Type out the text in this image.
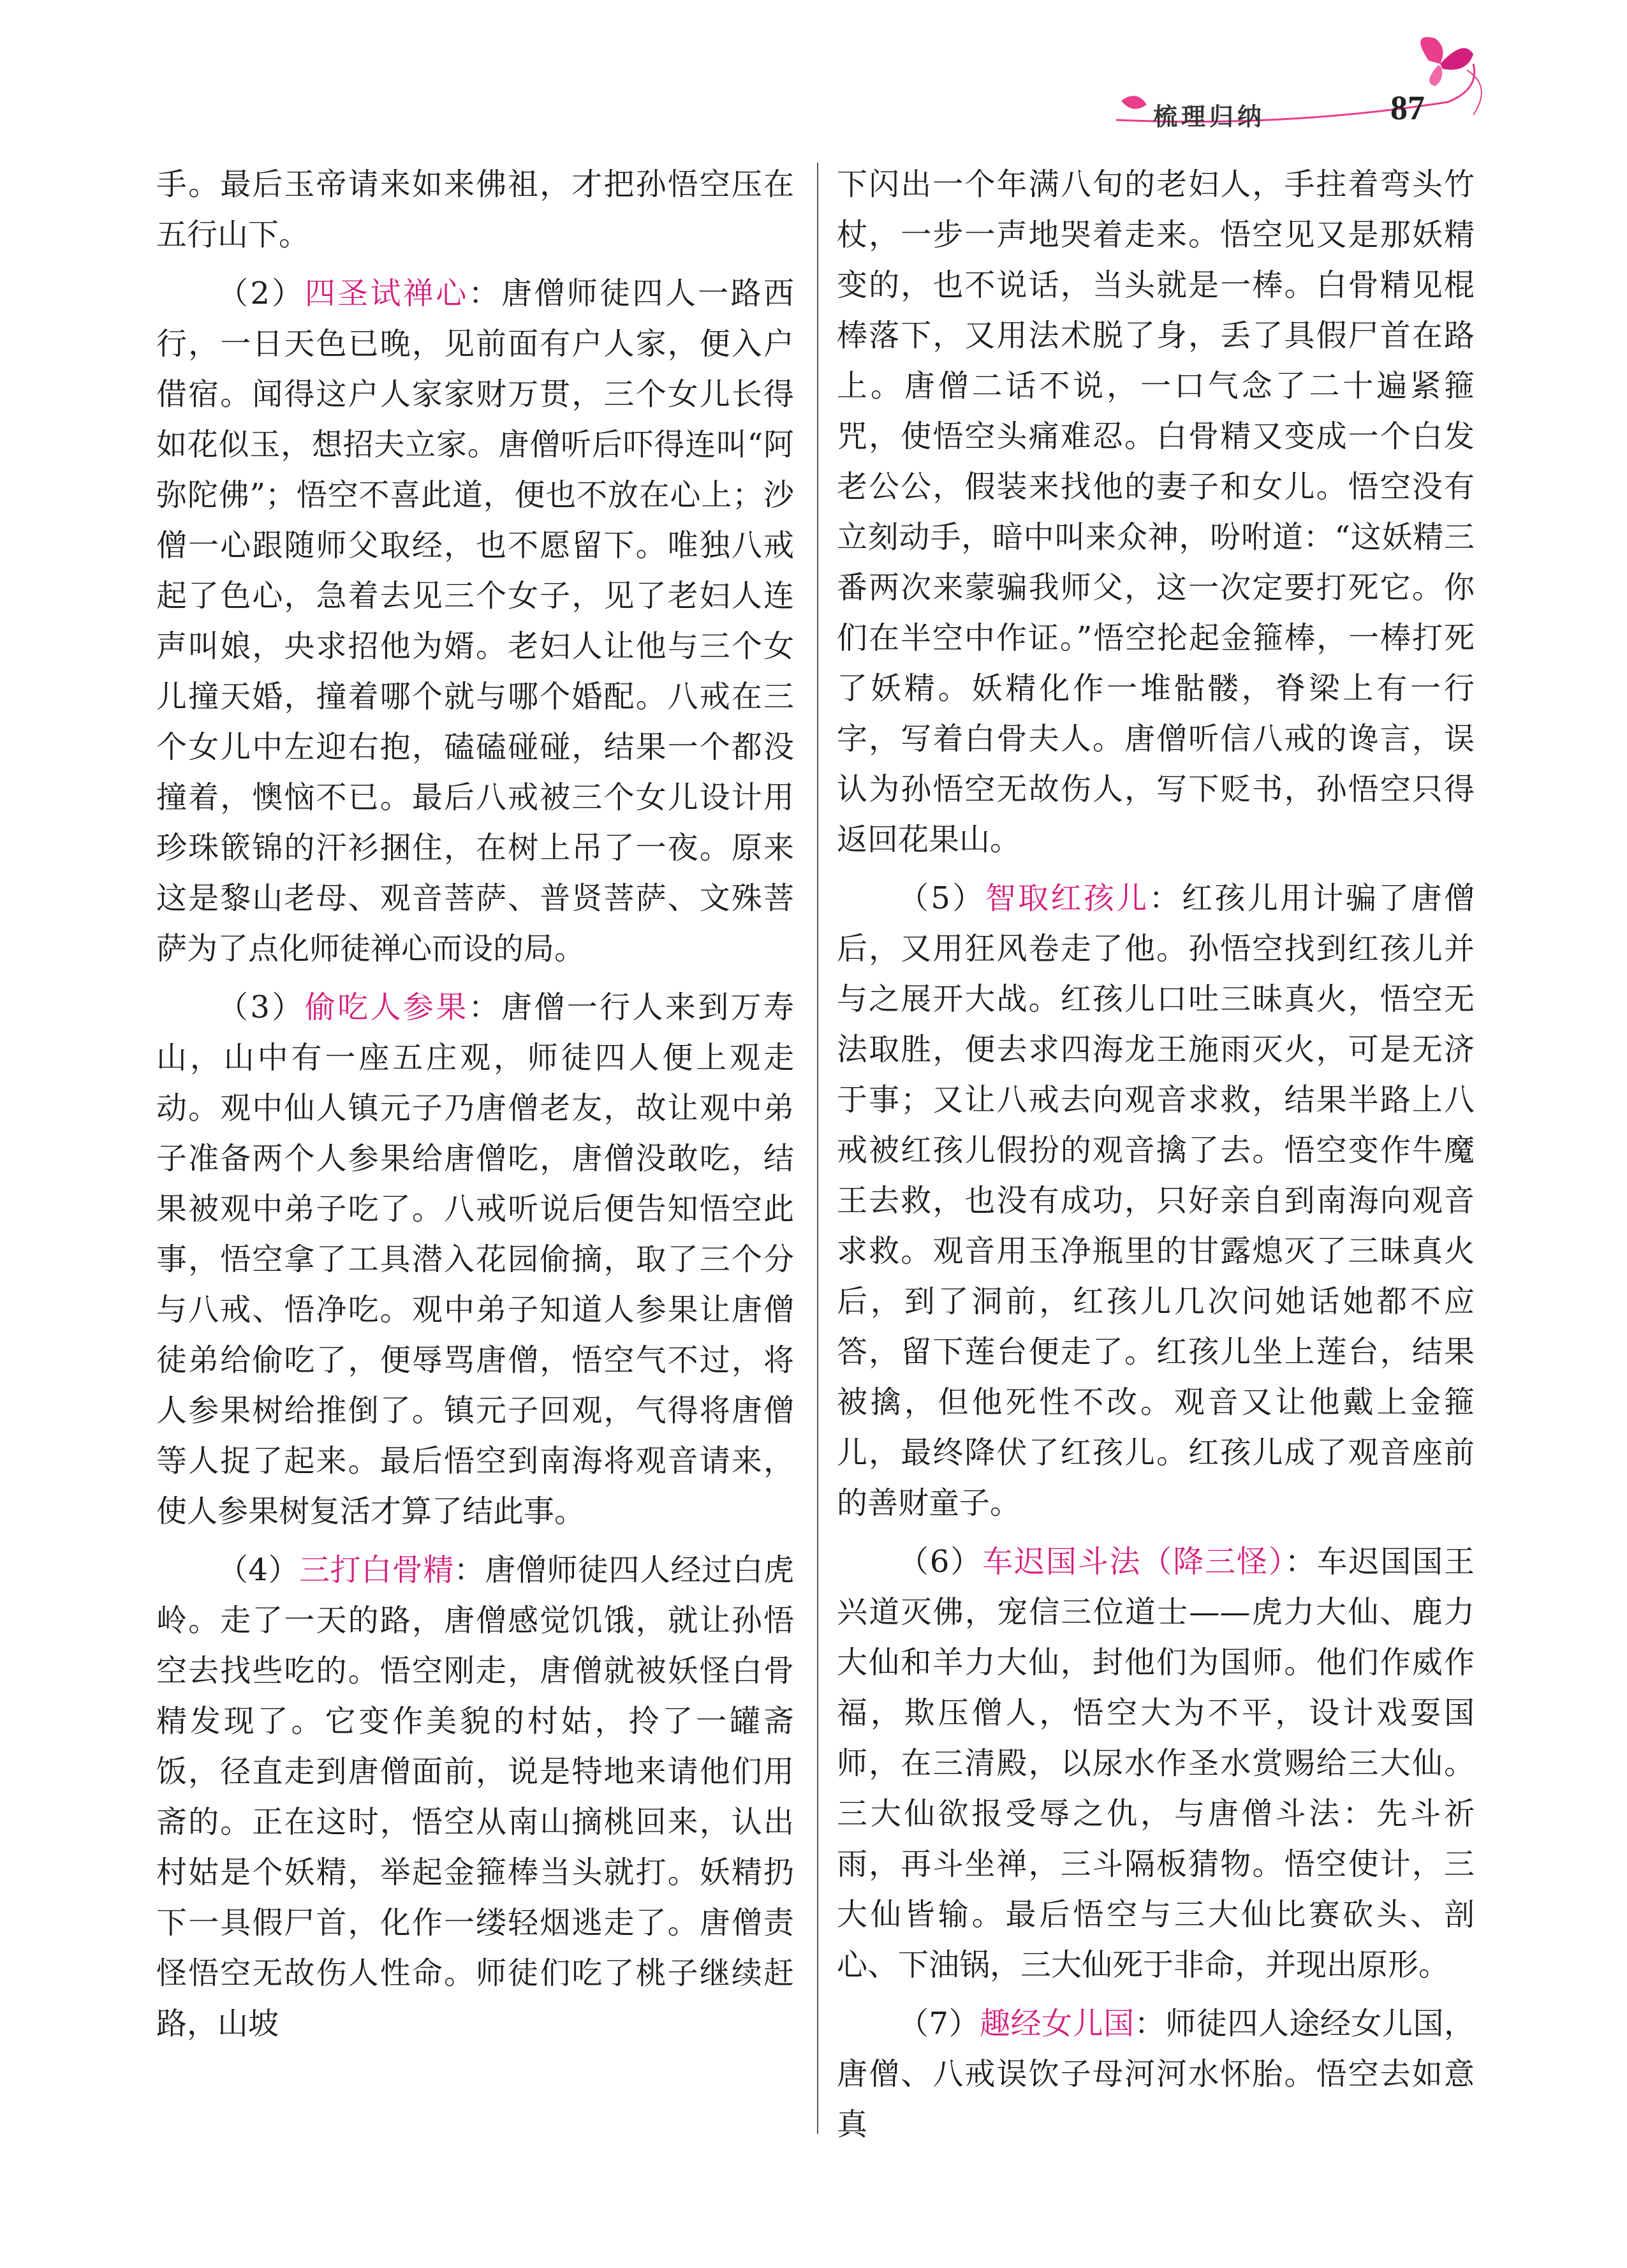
梳理归纳	87

手。最后玉帝请来如来佛祖，才把孙悟空压在五行山下。

（2）四圣试禅心：唐僧师徒四人一路西行，一日天色已晚，见前面有户人家，便入户借宿。闻得这户人家家财万贯，三个女儿长得如花似玉，想招夫立家。唐僧听后吓得连叫“阿弥陀佛”；悟空不喜此道，便也不放在心上；沙僧一心跟随师父取经，也不愿留下。唯独八戒起了色心，急着去见三个女子，见了老妇人连声叫娘，央求招他为婿。老妇人让他与三个女儿撞天婚，撞着哪个就与哪个婚配。八戒在三个女儿中左迎右抱，磕磕碰碰，结果一个都没撞着，懊恼不已。最后八戒被三个女儿设计用珍珠篏锦的汗衫捆住，在树上吊了一夜。原来这是黎山老母、观音菩萨、普贤菩萨、文殊菩萨为了点化师徒禅心而设的局。

（3）偷吃人参果：唐僧一行人来到万寿山，山中有一座五庄观，师徒四人便上观走动。观中仙人镇元子乃唐僧老友，故让观中弟子准备两个人参果给唐僧吃，唐僧没敢吃，结果被观中弟子吃了。八戒听说后便告知悟空此事，悟空拿了工具潜入花园偷摘，取了三个分与八戒、悟净吃。观中弟子知道人参果让唐僧徒弟给偷吃了，便辱骂唐僧，悟空气不过，将人参果树给推倒了。镇元子回观，气得将唐僧等人捉了起来。最后悟空到南海将观音请来，使人参果树复活才算了结此事。

（4）三打白骨精：唐僧师徒四人经过白虎岭。走了一天的路，唐僧感觉饥饿，就让孙悟空去找些吃的。悟空刚走，唐僧就被妖怪白骨精发现了。它变作美貌的村姑，拎了一罐斋饭，径直走到唐僧面前，说是特地来请他们用斋的。正在这时，悟空从南山摘桃回来，认出村姑是个妖精，举起金箍棒当头就打。妖精扔下一具假尸首，化作一缕轻烟逃走了。唐僧责怪悟空无故伤人性命。师徒们吃了桃子继续赶路，山坡

下闪出一个年满八旬的老妇人，手拄着弯头竹杖，一步一声地哭着走来。悟空见又是那妖精变的，也不说话，当头就是一棒。白骨精见棍棒落下，又用法术脱了身，丢了具假尸首在路上。唐僧二话不说，一口气念了二十遍紧箍咒，使悟空头痛难忍。白骨精又变成一个白发老公公，假装来找他的妻子和女儿。悟空没有立刻动手，暗中叫来众神，吩咐道：“这妖精三番两次来蒙骗我师父，这一次定要打死它。你们在半空中作证。”悟空抡起金箍棒，一棒打死了妖精。妖精化作一堆骷髅，脊梁上有一行字，写着白骨夫人。唐僧听信八戒的谗言，误认为孙悟空无故伤人，写下贬书，孙悟空只得返回花果山。

（5）智取红孩儿：红孩儿用计骗了唐僧后，又用狂风卷走了他。孙悟空找到红孩儿并与之展开大战。红孩儿口吐三昧真火，悟空无法取胜，便去求四海龙王施雨灭火，可是无济于事；又让八戒去向观音求救，结果半路上八戒被红孩儿假扮的观音擒了去。悟空变作牛魔王去救，也没有成功，只好亲自到南海向观音求救。观音用玉净瓶里的甘露熄灭了三昧真火后，到了洞前，红孩儿几次问她话她都不应答，留下莲台便走了。红孩儿坐上莲台，结果被擒，但他死性不改。观音又让他戴上金箍儿，最终降伏了红孩儿。红孩儿成了观音座前的善财童子。

（6）车迟国斗法（降三怪）：车迟国国王兴道灭佛，宠信三位道士——虎力大仙、鹿力大仙和羊力大仙，封他们为国师。他们作威作福，欺压僧人，悟空大为不平，设计戏耍国师，在三清殿，以尿水作圣水赏赐给三大仙。三大仙欲报受辱之仇，与唐僧斗法：先斗祈雨，再斗坐禅，三斗隔板猜物。悟空使计，三大仙皆输。最后悟空与三大仙比赛砍头、剖心、下油锅，三大仙死于非命，并现出原形。

（7）趣经女儿国：师徒四人途经女儿国，唐僧、八戒误饮子母河河水怀胎。悟空去如意真
